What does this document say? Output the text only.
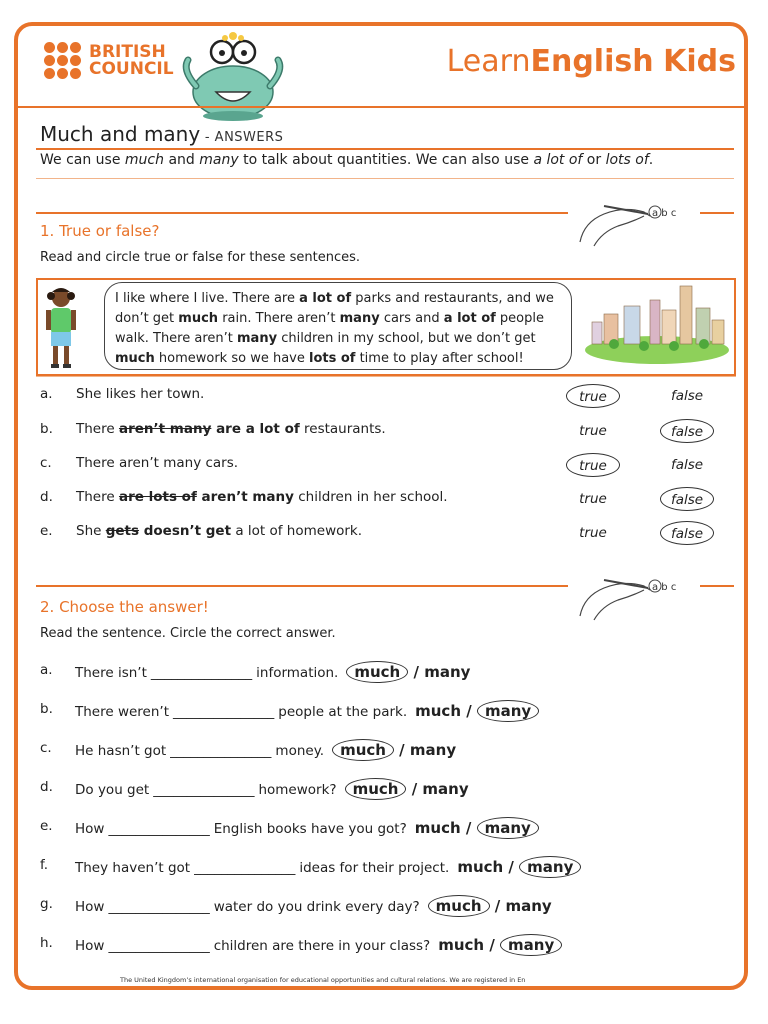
BRITISH
COUNCIL	LearnEnglish Kids
Much and many - ANSWERS
We can use much and many to talk about quantities. We can also use a lot of or lots of.
a b c
1. True or false?
Read and circle true or false for these sentences.
I like where I live. There are a lot of parks and restaurants, and we don’t get much rain. There aren’t many cars and a lot of people walk. There aren’t many children in my school, but we don’t get much homework so we have lots of time to play after school!
a. She likes her town.	true	false
b. There aren’t many are a lot of restaurants.	true	false
c. There aren’t many cars.	true	false
d. There are lots of aren’t many children in her school.	true	false
e. She gets doesn’t get a lot of homework.	true	false
a b c
2. Choose the answer!
Read the sentence. Circle the correct answer.
a. There isn’t _______________ information. much / many
b. There weren’t _______________ people at the park. much / many
c. He hasn’t got _______________ money. much / many
d. Do you get _______________ homework? much / many
e. How _______________ English books have you got? much / many
f. They haven’t got _______________ ideas for their project. much / many
g. How _______________ water do you drink every day? much / many
h. How _______________ children are there in your class? much / many
The United Kingdom’s international organisation for educational opportunities and cultural relations. We are registered in En
